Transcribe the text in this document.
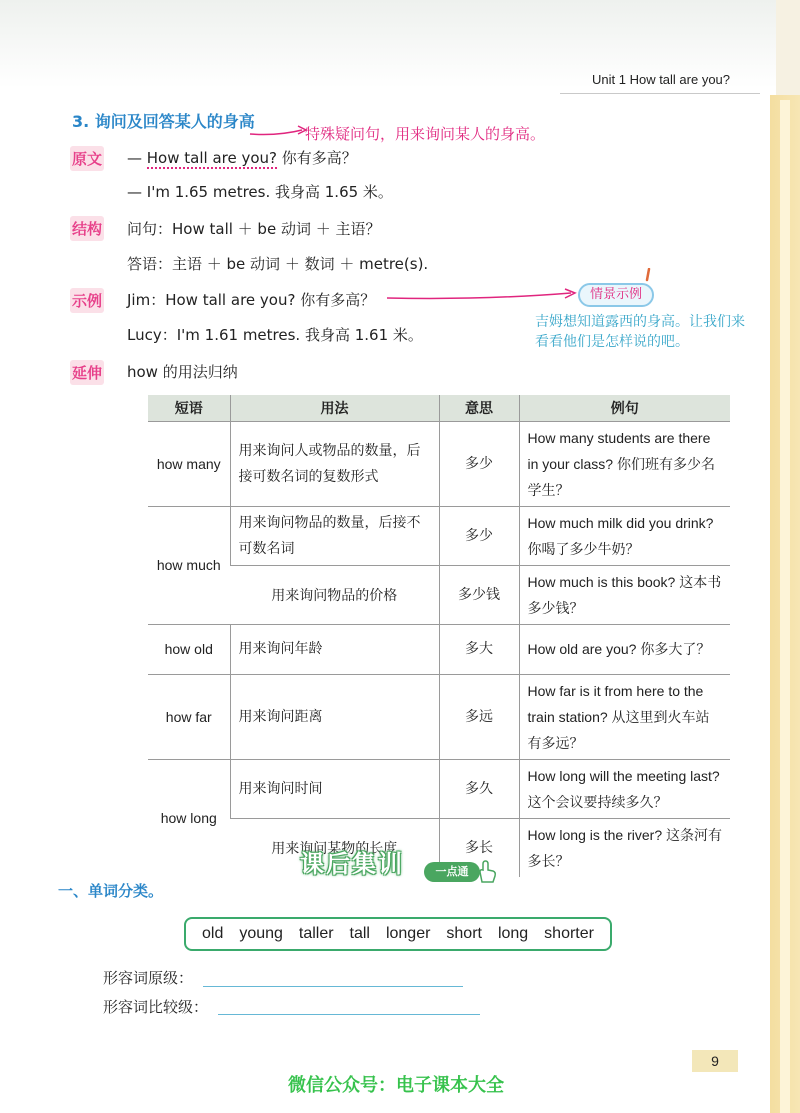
Unit 1 How tall are you?
3. 询问及回答某人的身高
特殊疑问句，用来询问某人的身高。
原文 — How tall are you? 你有多高？
— I'm 1.65 metres. 我身高 1.65 米。
结构 问句：How tall ＋ be 动词 ＋ 主语？
答语：主语 ＋ be 动词 ＋ 数词 ＋ metre(s).
示例 Jim：How tall are you? 你有多高？	情景示例
吉姆想知道露西的身高。让我们来看看他们是怎样说的吧。
Lucy：I'm 1.61 metres. 我身高 1.61 米。
延伸 how 的用法归纳
短语	用法	意思	例句
how many	用来询问人或物品的数量，后接可数名词的复数形式	多少	How many students are there in your class? 你们班有多少名学生？
how much	用来询问物品的数量，后接不可数名词	多少	How much milk did you drink? 你喝了多少牛奶？
	用来询问物品的价格	多少钱	How much is this book? 这本书多少钱？
how old	用来询问年龄	多大	How old are you? 你多大了？
how far	用来询问距离	多远	How far is it from here to the train station? 从这里到火车站有多远？
how long	用来询问时间	多久	How long will the meeting last? 这个会议要持续多久？
	用来询问某物的长度	多长	How long is the river? 这条河有多长？
课后集训	一点通
一、单词分类。
old young taller tall longer short long shorter
形容词原级：
形容词比较级：
9
微信公众号：电子课本大全
